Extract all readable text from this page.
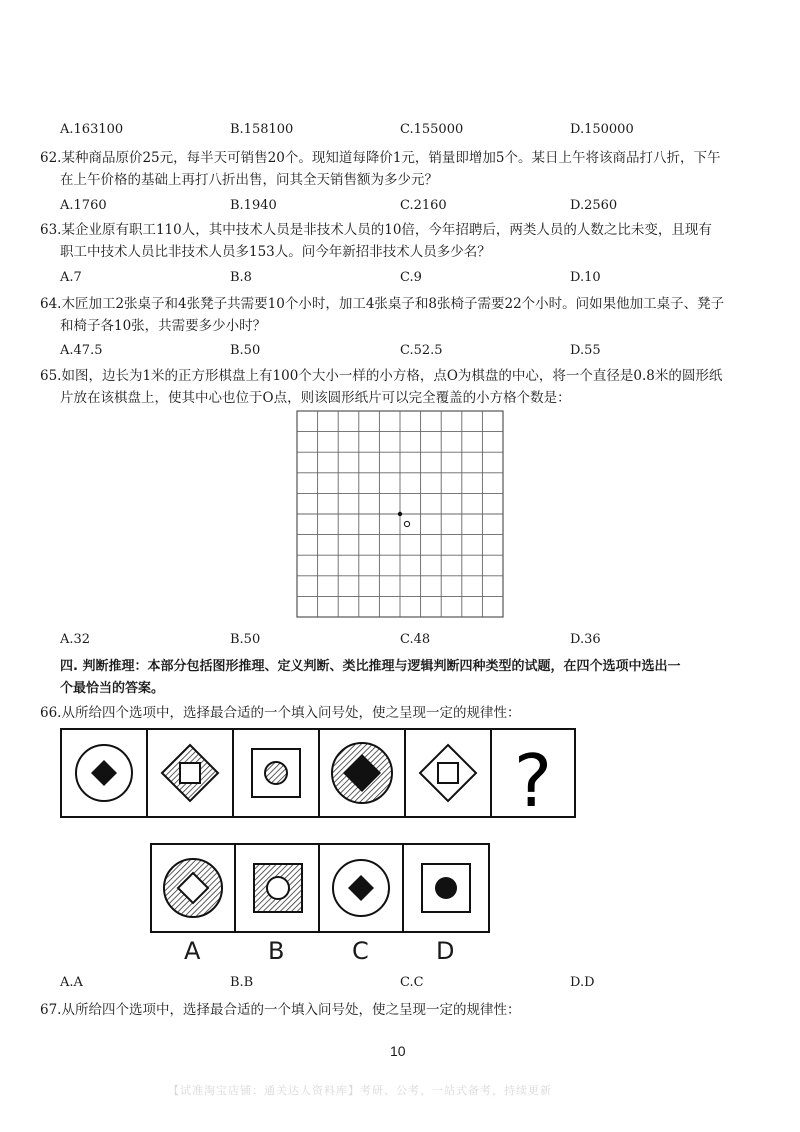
A.163100	B.158100	C.155000	D.150000
62.某种商品原价25元，每半天可销售20个。现知道每降价1元，销量即增加5个。某日上午将该商品打八折，下午
在上午价格的基础上再打八折出售，问其全天销售额为多少元？
A.1760	B.1940	C.2160	D.2560
63.某企业原有职工110人，其中技术人员是非技术人员的10倍，今年招聘后，两类人员的人数之比未变，且现有
职工中技术人员比非技术人员多153人。问今年新招非技术人员多少名？
A.7	B.8	C.9	D.10
64.木匠加工2张桌子和4张凳子共需要10个小时，加工4张桌子和8张椅子需要22个小时。问如果他加工桌子、凳子
和椅子各10张，共需要多少小时？
A.47.5	B.50	C.52.5	D.55
65.如图，边长为1米的正方形棋盘上有100个大小一样的小方格，点O为棋盘的中心，将一个直径是0.8米的圆形纸
片放在该棋盘上，使其中心也位于O点，则该圆形纸片可以完全覆盖的小方格个数是：
A.32	B.50	C.48	D.36
四. 判断推理：本部分包括图形推理、定义判断、类比推理与逻辑判断四种类型的试题，在四个选项中选出一
个最恰当的答案。
66.从所给四个选项中，选择最合适的一个填入问号处，使之呈现一定的规律性：
?
A	B	C	D
A.A	B.B	C.C	D.D
67.从所给四个选项中，选择最合适的一个填入问号处，使之呈现一定的规律性：
10
【试准淘宝店铺：通关达人资料库】考研、公考、一站式备考，持续更新
